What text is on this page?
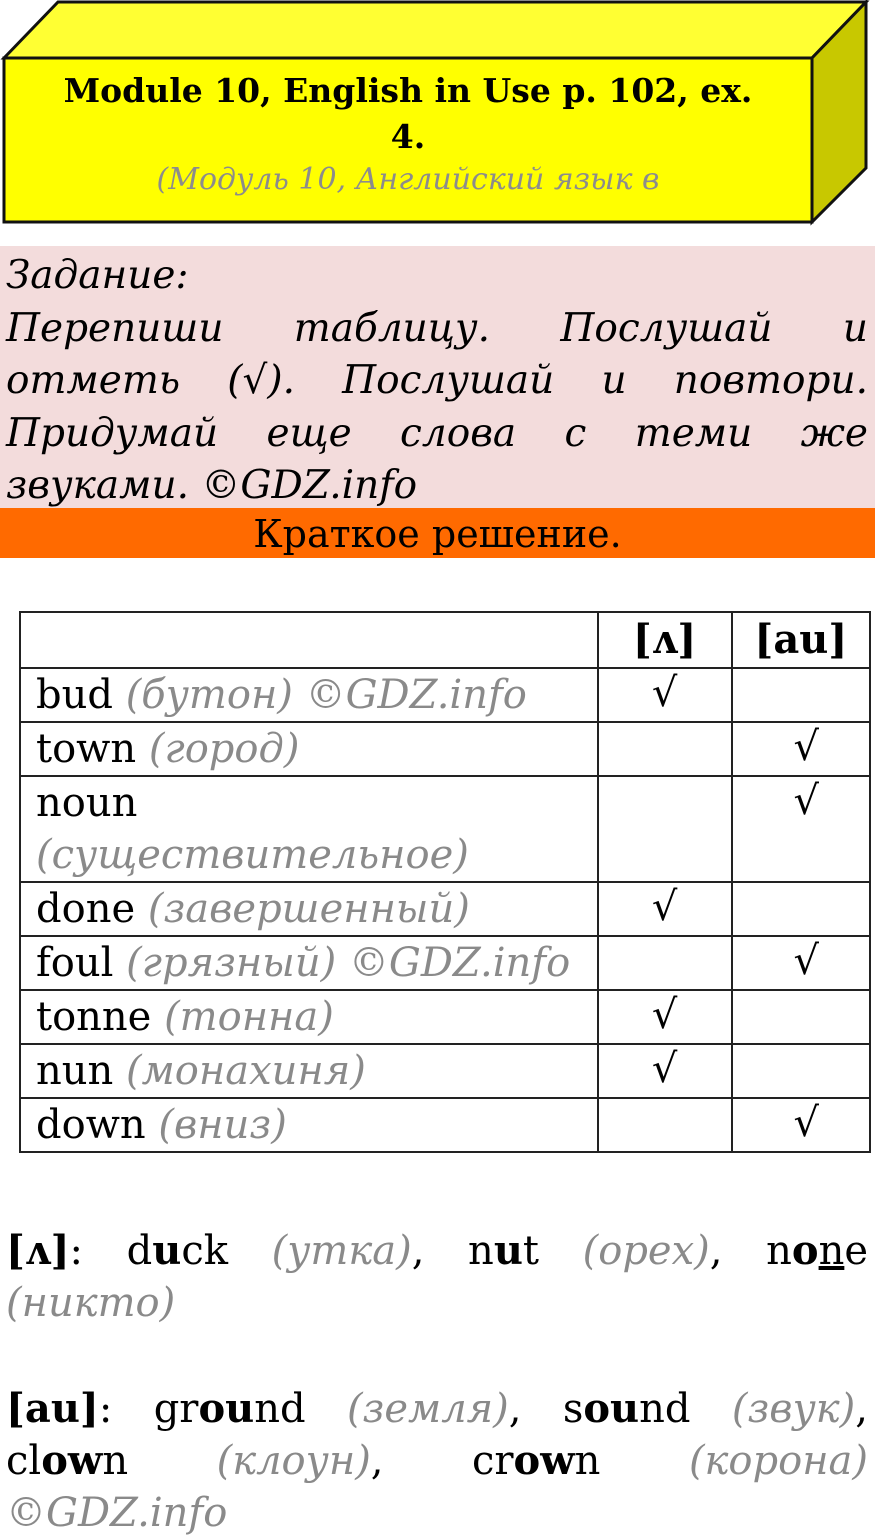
Module 10, English in Use p. 102, ex.
4.
(Модуль 10, Английский язык в
Задание:
Перепиши таблицу. Послушай и отметь (√). Послушай и повтори. Придумай еще слова с теми же звуками. ©GDZ.info
Краткое решение.
	[ʌ]	[au]
bud (бутон) ©GDZ.info	√	
town (город)		√
noun
(существительное)		√
done (завершенный)	√	
foul (грязный) ©GDZ.info		√
tonne (тонна)	√	
nun (монахиня)	√	
down (вниз)		√
[ʌ]: duck (утка), nut (орех), none
(никто)
[au]: ground (земля), sound (звук),
clown (клоун), crown (корона)
©GDZ.info
